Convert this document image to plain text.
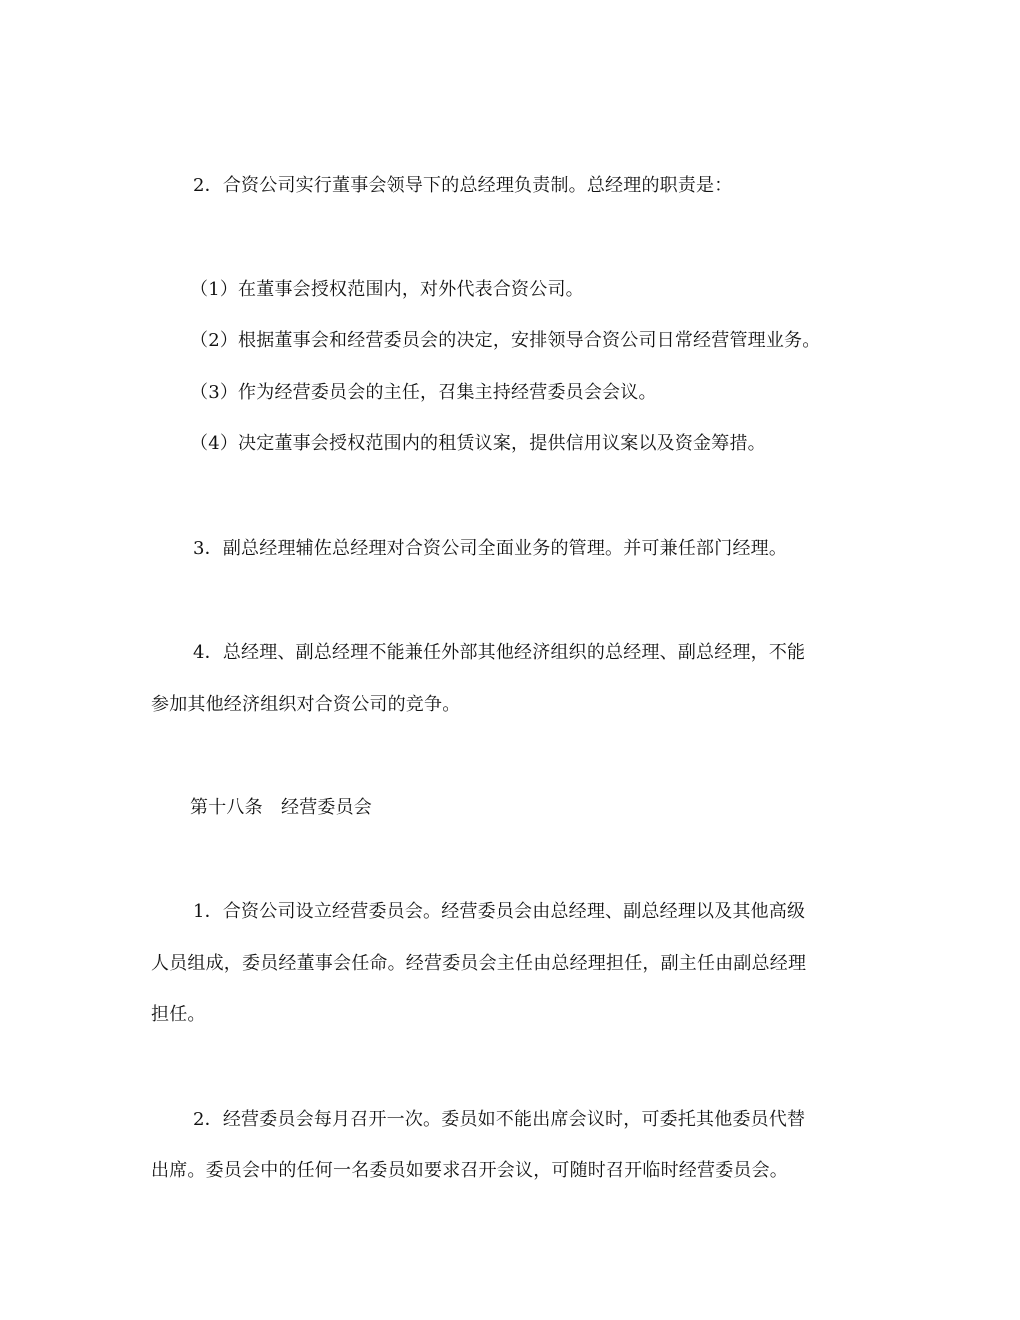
2．合资公司实行董事会领导下的总经理负责制。总经理的职责是：
（1）在董事会授权范围内，对外代表合资公司。
（2）根据董事会和经营委员会的决定，安排领导合资公司日常经营管理业务。
（3）作为经营委员会的主任，召集主持经营委员会会议。
（4）决定董事会授权范围内的租赁议案，提供信用议案以及资金筹措。
3．副总经理辅佐总经理对合资公司全面业务的管理。并可兼任部门经理。
4．总经理、副总经理不能兼任外部其他经济组织的总经理、副总经理，不能
参加其他经济组织对合资公司的竞争。
第十八条　经营委员会
1．合资公司设立经营委员会。经营委员会由总经理、副总经理以及其他高级
人员组成，委员经董事会任命。经营委员会主任由总经理担任，副主任由副总经理
担任。
2．经营委员会每月召开一次。委员如不能出席会议时，可委托其他委员代替
出席。委员会中的任何一名委员如要求召开会议，可随时召开临时经营委员会。
